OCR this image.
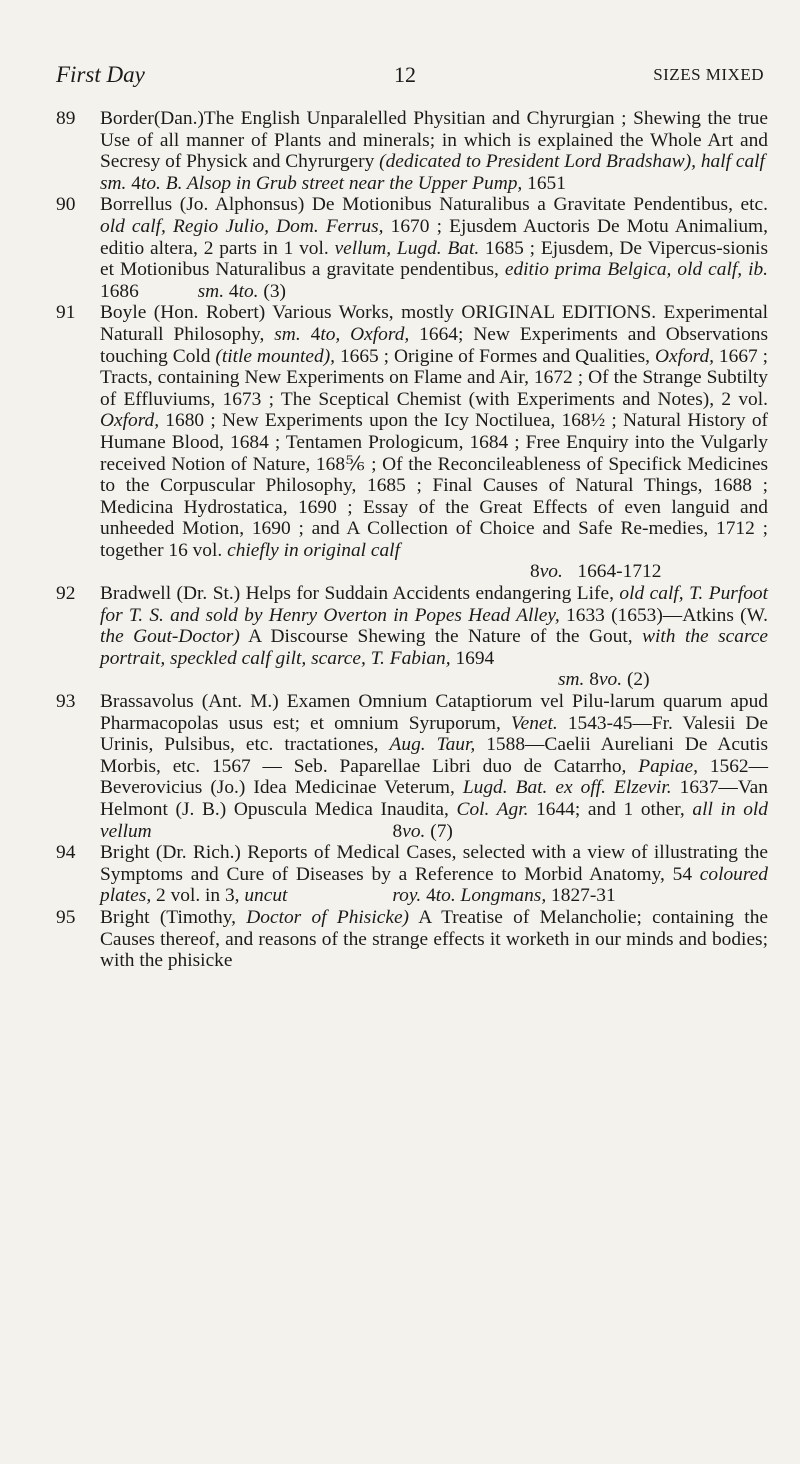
First Day	12	SIZES MIXED
89 Border(Dan.)The English Unparalelled Physitian and Chyrurgian ; Shewing the true Use of all manner of Plants and minerals; in which is explained the Whole Art and Secresy of Physick and Chyrurgery (dedicated to President Lord Bradshaw), half calf
sm. 4to. B. Alsop in Grub street near the Upper Pump, 1651

90 Borrellus (Jo. Alphonsus) De Motionibus Naturalibus a Gravitate Pendentibus, etc. old calf, Regio Julio, Dom. Ferrus, 1670 ; Ejusdem Auctoris De Motu Animalium, editio altera, 2 parts in 1 vol. vellum, Lugd. Bat. 1685 ; Ejusdem, De Vipercus-sionis et Motionibus Naturalibus a gravitate pendentibus, editio prima Belgica, old calf, ib. 1686	sm. 4to. (3)

91 Boyle (Hon. Robert) Various Works, mostly ORIGINAL EDITIONS. Experimental Naturall Philosophy, sm. 4to, Oxford, 1664; New Experiments and Observations touching Cold (title mounted), 1665 ; Origine of Formes and Qualities, Oxford, 1667 ; Tracts, containing New Experiments on Flame and Air, 1672 ; Of the Strange Subtilty of Effluviums, 1673 ; The Sceptical Chemist (with Experiments and Notes), 2 vol. Oxford, 1680 ; New Experiments upon the Icy Noctiluea, 168½ ; Natural History of Humane Blood, 1684 ; Tentamen Prologicum, 1684 ; Free Enquiry into the Vulgarly received Notion of Nature, 168⅚ ; Of the Reconcileableness of Specifick Medicines to the Corpuscular Philosophy, 1685 ; Final Causes of Natural Things, 1688 ; Medicina Hydrostatica, 1690 ; Essay of the Great Effects of even languid and unheeded Motion, 1690 ; and A Collection of Choice and Safe Re-medies, 1712 ; together 16 vol. chiefly in original calf
8vo.   1664-1712

92 Bradwell (Dr. St.) Helps for Suddain Accidents endangering Life, old calf, T. Purfoot for T. S. and sold by Henry Overton in Popes Head Alley, 1633 (1653)—Atkins (W. the Gout-Doctor) A Discourse Shewing the Nature of the Gout, with the scarce portrait, speckled calf gilt, scarce, T. Fabian, 1694
sm. 8vo. (2)

93 Brassavolus (Ant. M.) Examen Omnium Cataptiorum vel Pilu-larum quarum apud Pharmacopolas usus est; et omnium Syruporum, Venet. 1543-45—Fr. Valesii De Urinis, Pulsibus, etc. tractationes, Aug. Taur, 1588—Caelii Aureliani De Acutis Morbis, etc. 1567 — Seb. Paparellae Libri duo de Catarrho, Papiae, 1562—Beverovicius (Jo.) Idea Medicinae Veterum, Lugd. Bat. ex off. Elzevir. 1637—Van Helmont (J. B.) Opuscula Medica Inaudita, Col. Agr. 1644; and 1 other, all in old vellum	8vo. (7)

94 Bright (Dr. Rich.) Reports of Medical Cases, selected with a view of illustrating the Symptoms and Cure of Diseases by a Reference to Morbid Anatomy, 54 coloured plates, 2 vol. in 3, uncut	roy. 4to. Longmans, 1827-31

95 Bright (Timothy, Doctor of Phisicke) A Treatise of Melancholie; containing the Causes thereof, and reasons of the strange effects it worketh in our minds and bodies; with the phisicke
